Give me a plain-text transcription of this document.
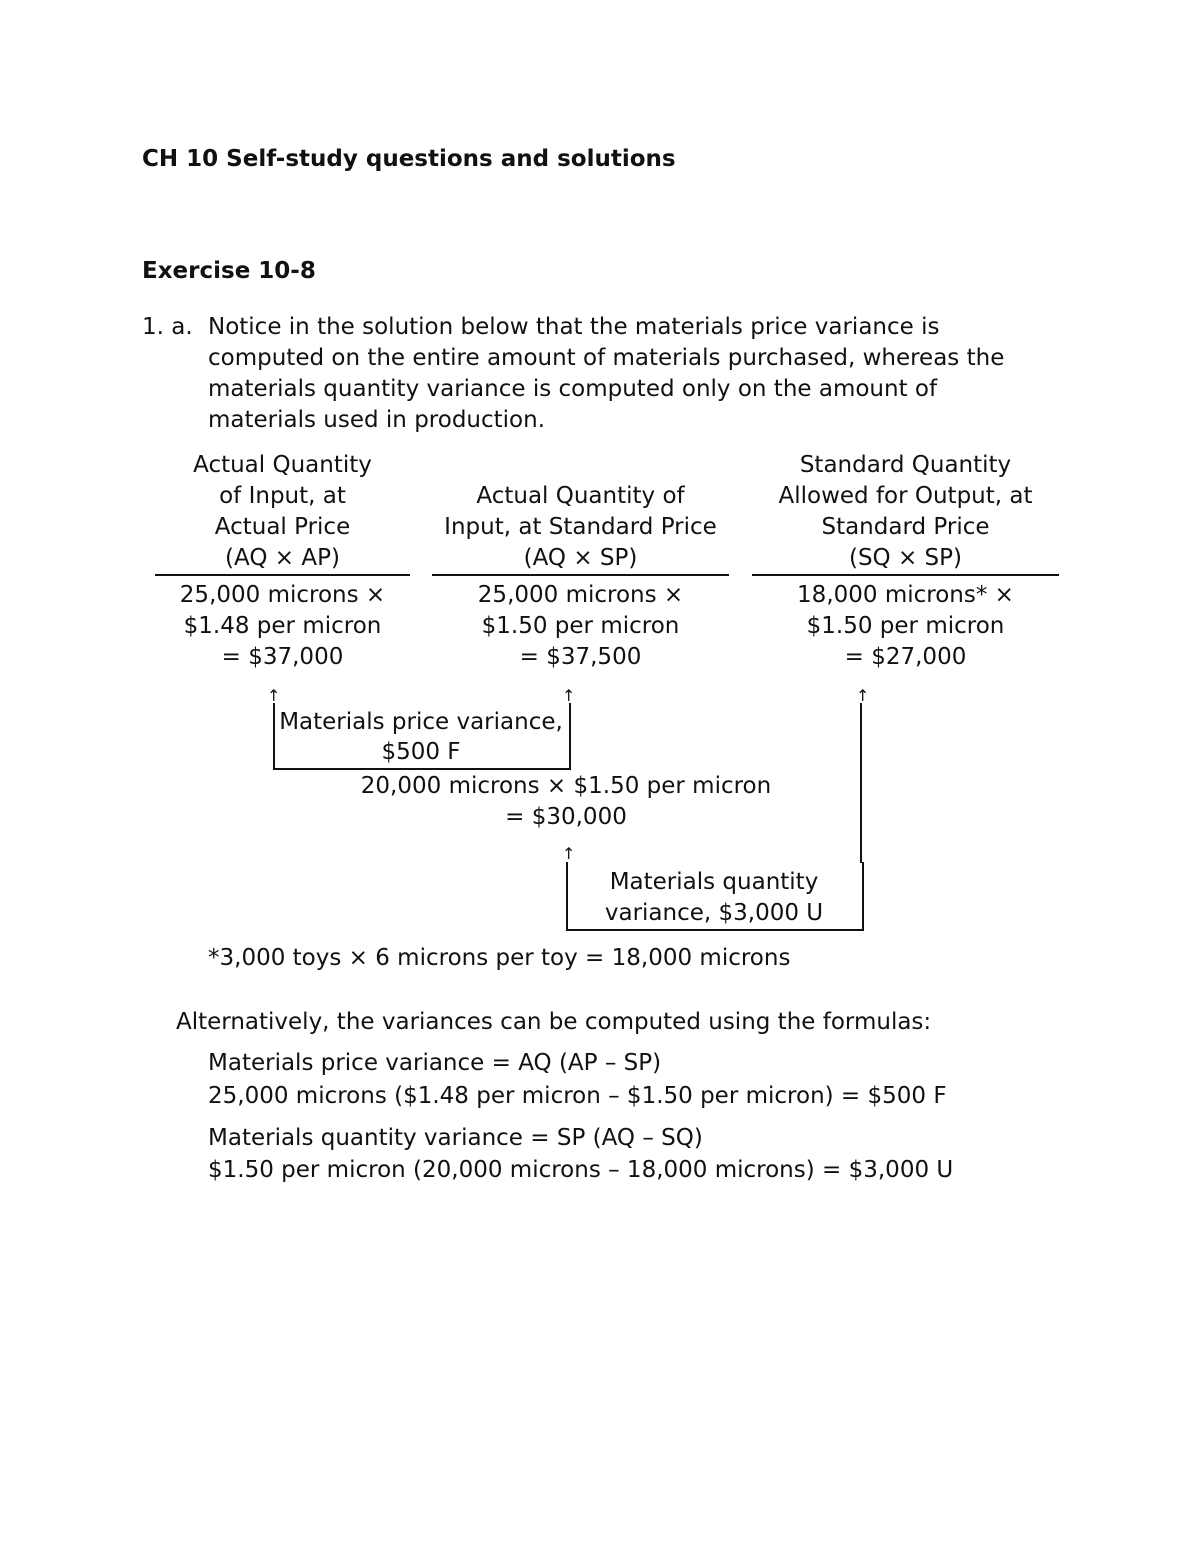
CH 10 Self-study questions and solutions
Exercise 10-8
1. a. Notice in the solution below that the materials price variance is
computed on the entire amount of materials purchased, whereas the
materials quantity variance is computed only on the amount of
materials used in production.
Actual Quantity
of Input, at
Actual Price
(AQ × AP)
25,000 microns ×
$1.48 per micron
= $37,000
Actual Quantity of
Input, at Standard Price
(AQ × SP)
25,000 microns ×
$1.50 per micron
= $37,500
Standard Quantity
Allowed for Output, at
Standard Price
(SQ × SP)
18,000 microns* ×
$1.50 per micron
= $27,000
↑	↑	↑
↑
Materials price variance,
$500 F
20,000 microns × $1.50 per micron
= $30,000
Materials quantity
variance, $3,000 U
*3,000 toys × 6 microns per toy = 18,000 microns
Alternatively, the variances can be computed using the formulas:
Materials price variance = AQ (AP – SP)
25,000 microns ($1.48 per micron – $1.50 per micron) = $500 F
Materials quantity variance = SP (AQ – SQ)
$1.50 per micron (20,000 microns – 18,000 microns) = $3,000 U
